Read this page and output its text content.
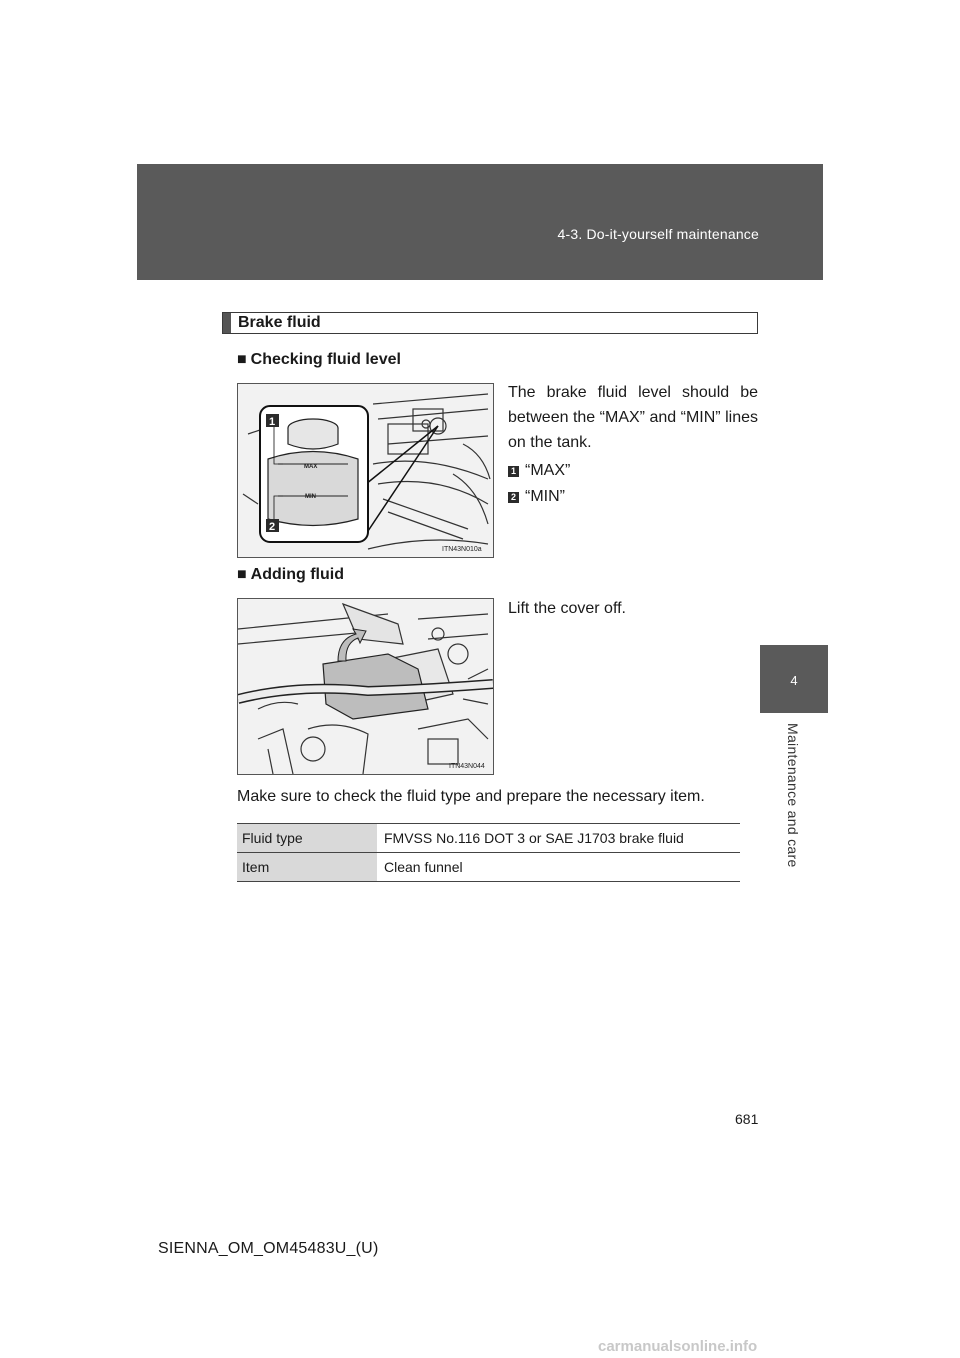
4-3. Do-it-yourself maintenance
4
Maintenance and care
Brake fluid
■ Checking fluid level
MAX
MIN
1
2
ITN43N010a
The brake fluid level should be between the “MAX” and “MIN” lines on the tank.
1 “MAX”
2 “MIN”
■ Adding fluid
ITN43N044
Lift the cover off.
Make sure to check the fluid type and prepare the necessary item.
Fluid type	FMVSS No.116 DOT 3 or SAE J1703 brake fluid
Item	Clean funnel
681
SIENNA_OM_OM45483U_(U)
carmanualsonline.info
